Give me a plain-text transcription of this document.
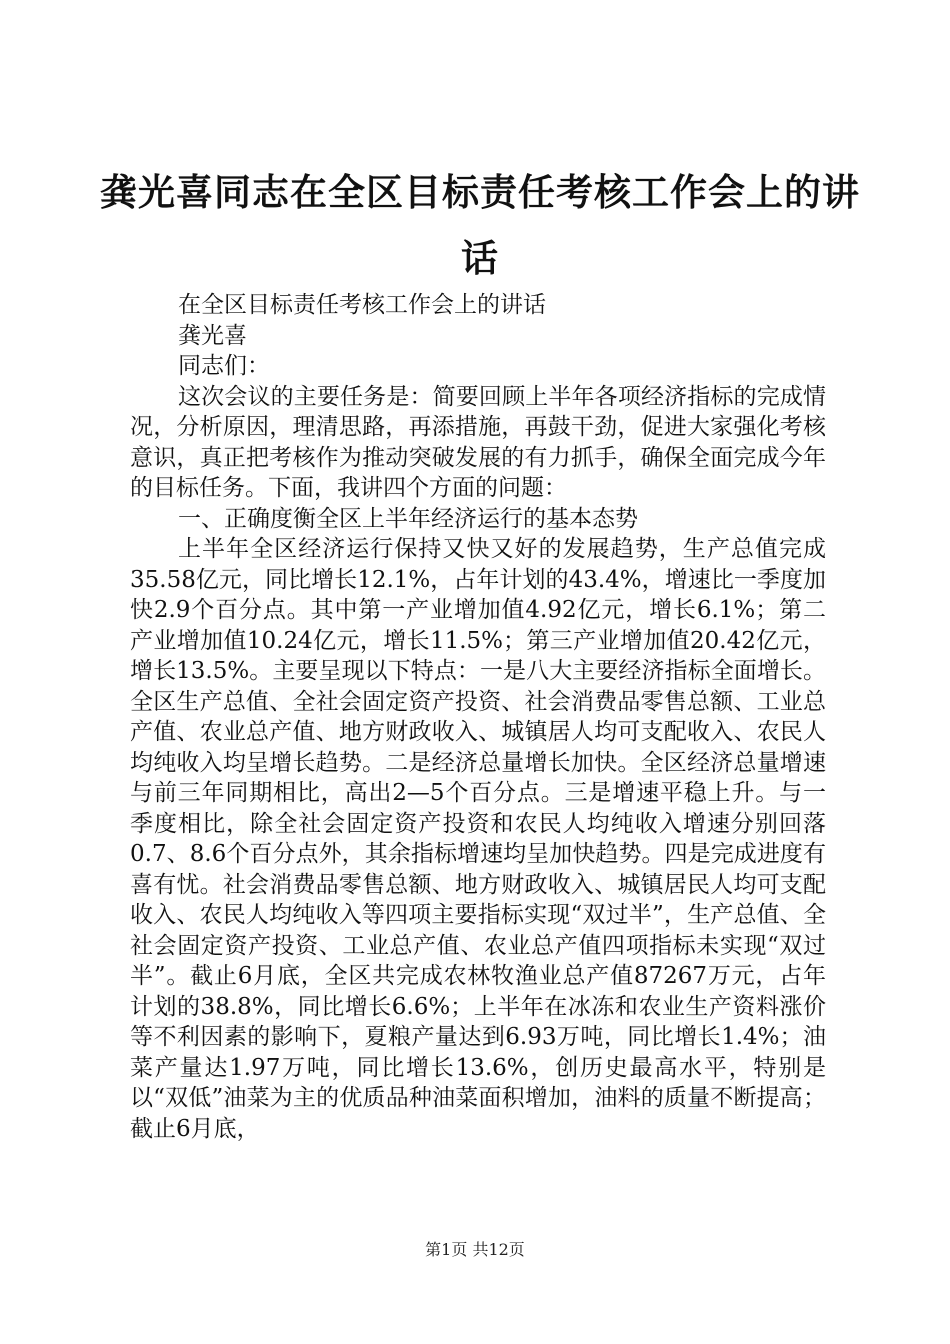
龚光喜同志在全区目标责任考核工作会上的讲话

在全区目标责任考核工作会上的讲话

龚光喜

同志们：

这次会议的主要任务是：简要回顾上半年各项经济指标的完成情况，分析原因，理清思路，再添措施，再鼓干劲，促进大家强化考核意识，真正把考核作为推动突破发展的有力抓手，确保全面完成今年的目标任务。下面，我讲四个方面的问题：

一、正确度衡全区上半年经济运行的基本态势

上半年全区经济运行保持又快又好的发展趋势，生产总值完成35.58亿元，同比增长12.1%，占年计划的43.4%，增速比一季度加快2.9个百分点。其中第一产业增加值4.92亿元，增长6.1%；第二产业增加值10.24亿元，增长11.5%；第三产业增加值20.42亿元，增长13.5%。主要呈现以下特点：一是八大主要经济指标全面增长。全区生产总值、全社会固定资产投资、社会消费品零售总额、工业总产值、农业总产值、地方财政收入、城镇居人均可支配收入、农民人均纯收入均呈增长趋势。二是经济总量增长加快。全区经济总量增速与前三年同期相比，高出2—5个百分点。三是增速平稳上升。与一季度相比，除全社会固定资产投资和农民人均纯收入增速分别回落0.7、8.6个百分点外，其余指标增速均呈加快趋势。四是完成进度有喜有忧。社会消费品零售总额、地方财政收入、城镇居民人均可支配收入、农民人均纯收入等四项主要指标实现“双过半”，生产总值、全社会固定资产投资、工业总产值、农业总产值四项指标未实现“双过半”。截止6月底，全区共完成农林牧渔业总产值87267万元，占年计划的38.8%，同比增长6.6%；上半年在冰冻和农业生产资料涨价等不利因素的影响下，夏粮产量达到6.93万吨，同比增长1.4%；油菜产量达1.97万吨，同比增长13.6%，创历史最高水平，特别是以“双低”油菜为主的优质品种油菜面积增加，油料的质量不断提高；截止6月底，

第1页 共12页
